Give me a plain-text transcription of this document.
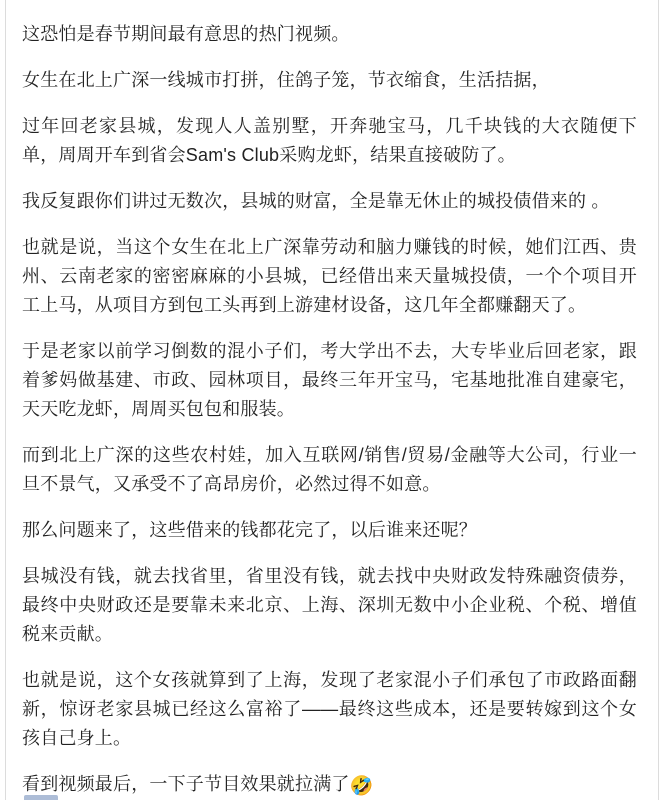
这恐怕是春节期间最有意思的热门视频。

女生在北上广深一线城市打拼，住鸽子笼，节衣缩食，生活拮据，

过年回老家县城，发现人人盖别墅，开奔驰宝马，几千块钱的大衣随便下单，周周开车到省会Sam's Club采购龙虾，结果直接破防了。

我反复跟你们讲过无数次，县城的财富，全是靠无休止的城投债借来的 。

也就是说，当这个女生在北上广深靠劳动和脑力赚钱的时候，她们江西、贵州、云南老家的密密麻麻的小县城，已经借出来天量城投债，一个个项目开工上马，从项目方到包工头再到上游建材设备，这几年全都赚翻天了。

于是老家以前学习倒数的混小子们，考大学出不去，大专毕业后回老家，跟着爹妈做基建、市政、园林项目，最终三年开宝马，宅基地批准自建豪宅，天天吃龙虾，周周买包包和服装。

而到北上广深的这些农村娃，加入互联网/销售/贸易/金融等大公司，行业一旦不景气，又承受不了高昂房价，必然过得不如意。

那么问题来了，这些借来的钱都花完了，以后谁来还呢？

县城没有钱，就去找省里，省里没有钱，就去找中央财政发特殊融资债券，最终中央财政还是要靠未来北京、上海、深圳无数中小企业税、个税、增值税来贡献。

也就是说，这个女孩就算到了上海，发现了老家混小子们承包了市政路面翻新，惊讶老家县城已经这么富裕了——最终这些成本，还是要转嫁到这个女孩自己身上。

看到视频最后，一下子节目效果就拉满了🤣
